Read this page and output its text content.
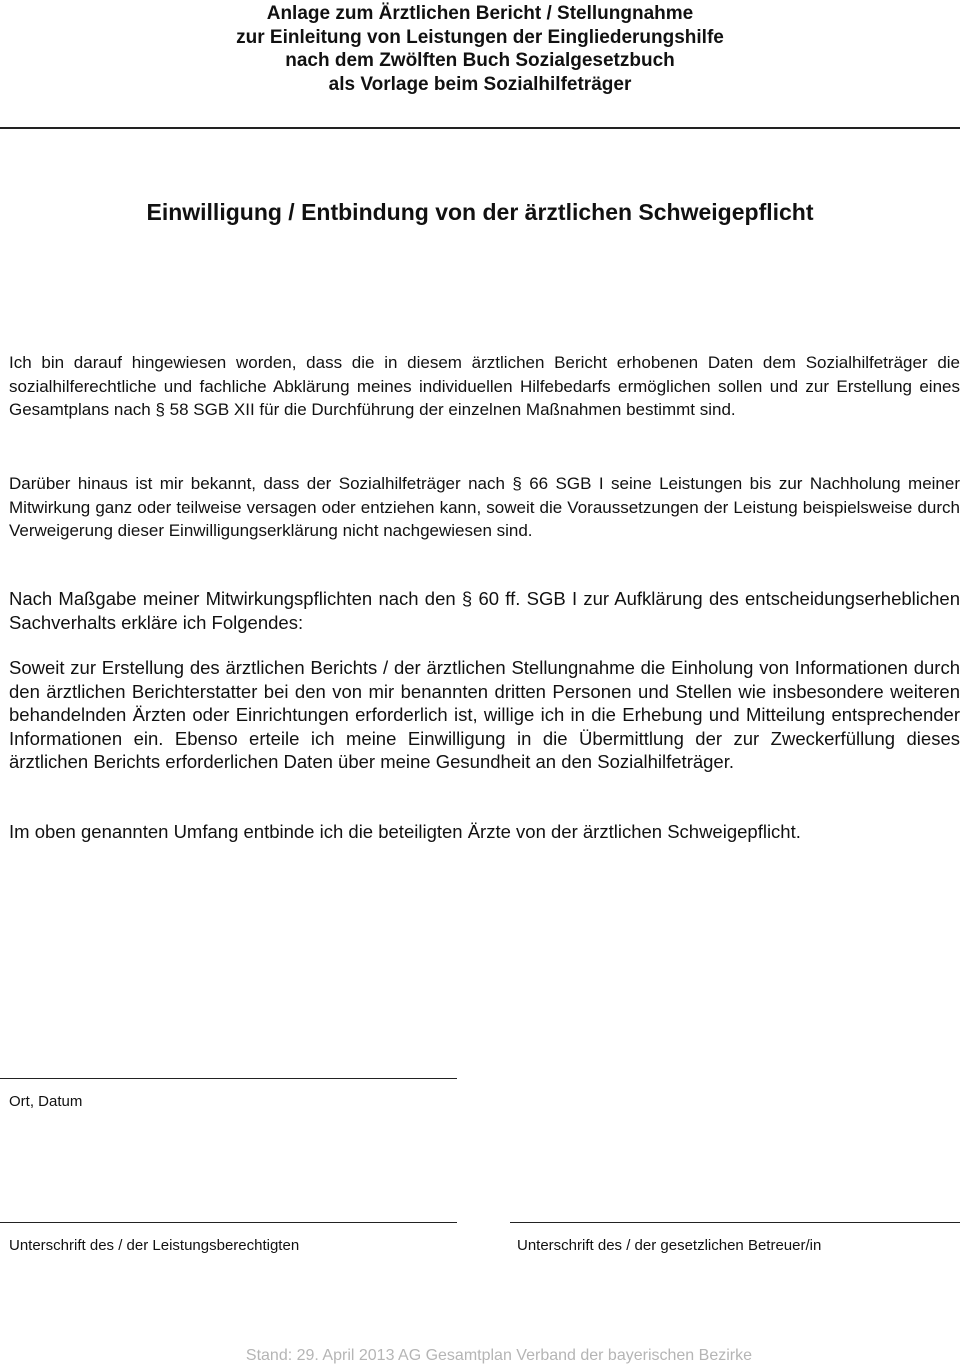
Anlage zum Ärztlichen Bericht / Stellungnahme
zur Einleitung von Leistungen der Eingliederungshilfe
nach dem Zwölften Buch Sozialgesetzbuch
als Vorlage beim Sozialhilfeträger
Einwilligung / Entbindung von der ärztlichen Schweigepflicht

Ich bin darauf hingewiesen worden, dass die in diesem ärztlichen Bericht erhobenen Daten dem Sozialhilfeträger die sozialhilferechtliche und fachliche Abklärung meines individuellen Hilfebedarfs ermöglichen sollen und zur Erstellung eines Gesamtplans nach § 58 SGB XII für die Durchführung der einzelnen Maßnahmen bestimmt sind.

Darüber hinaus ist mir bekannt, dass der Sozialhilfeträger nach § 66 SGB I seine Leistungen bis zur Nachholung meiner Mitwirkung ganz oder teilweise versagen oder entziehen kann, soweit die Voraussetzungen der Leistung beispielsweise durch Verweigerung dieser Einwilligungserklärung nicht nachgewiesen sind.

Nach Maßgabe meiner Mitwirkungspflichten nach den § 60 ff. SGB I zur Aufklärung des entscheidungserheblichen Sachverhalts erkläre ich Folgendes:

Soweit zur Erstellung des ärztlichen Berichts / der ärztlichen Stellungnahme die Einholung von Informationen durch den ärztlichen Berichterstatter bei den von mir benannten dritten Personen und Stellen wie insbesondere weiteren behandelnden Ärzten oder Einrichtungen erforderlich ist, willige ich in die Erhebung und Mitteilung entsprechender Informationen ein. Ebenso erteile ich meine Einwilligung in die Übermittlung der zur Zweckerfüllung dieses ärztlichen Berichts erforderlichen Daten über meine Gesundheit an den Sozialhilfeträger.

Im oben genannten Umfang entbinde ich die beteiligten Ärzte von der ärztlichen Schweigepflicht.

Ort, Datum
Unterschrift des / der Leistungsberechtigten	Unterschrift des / der gesetzlichen Betreuer/in
Stand: 29. April 2013 AG Gesamtplan Verband der bayerischen Bezirke
